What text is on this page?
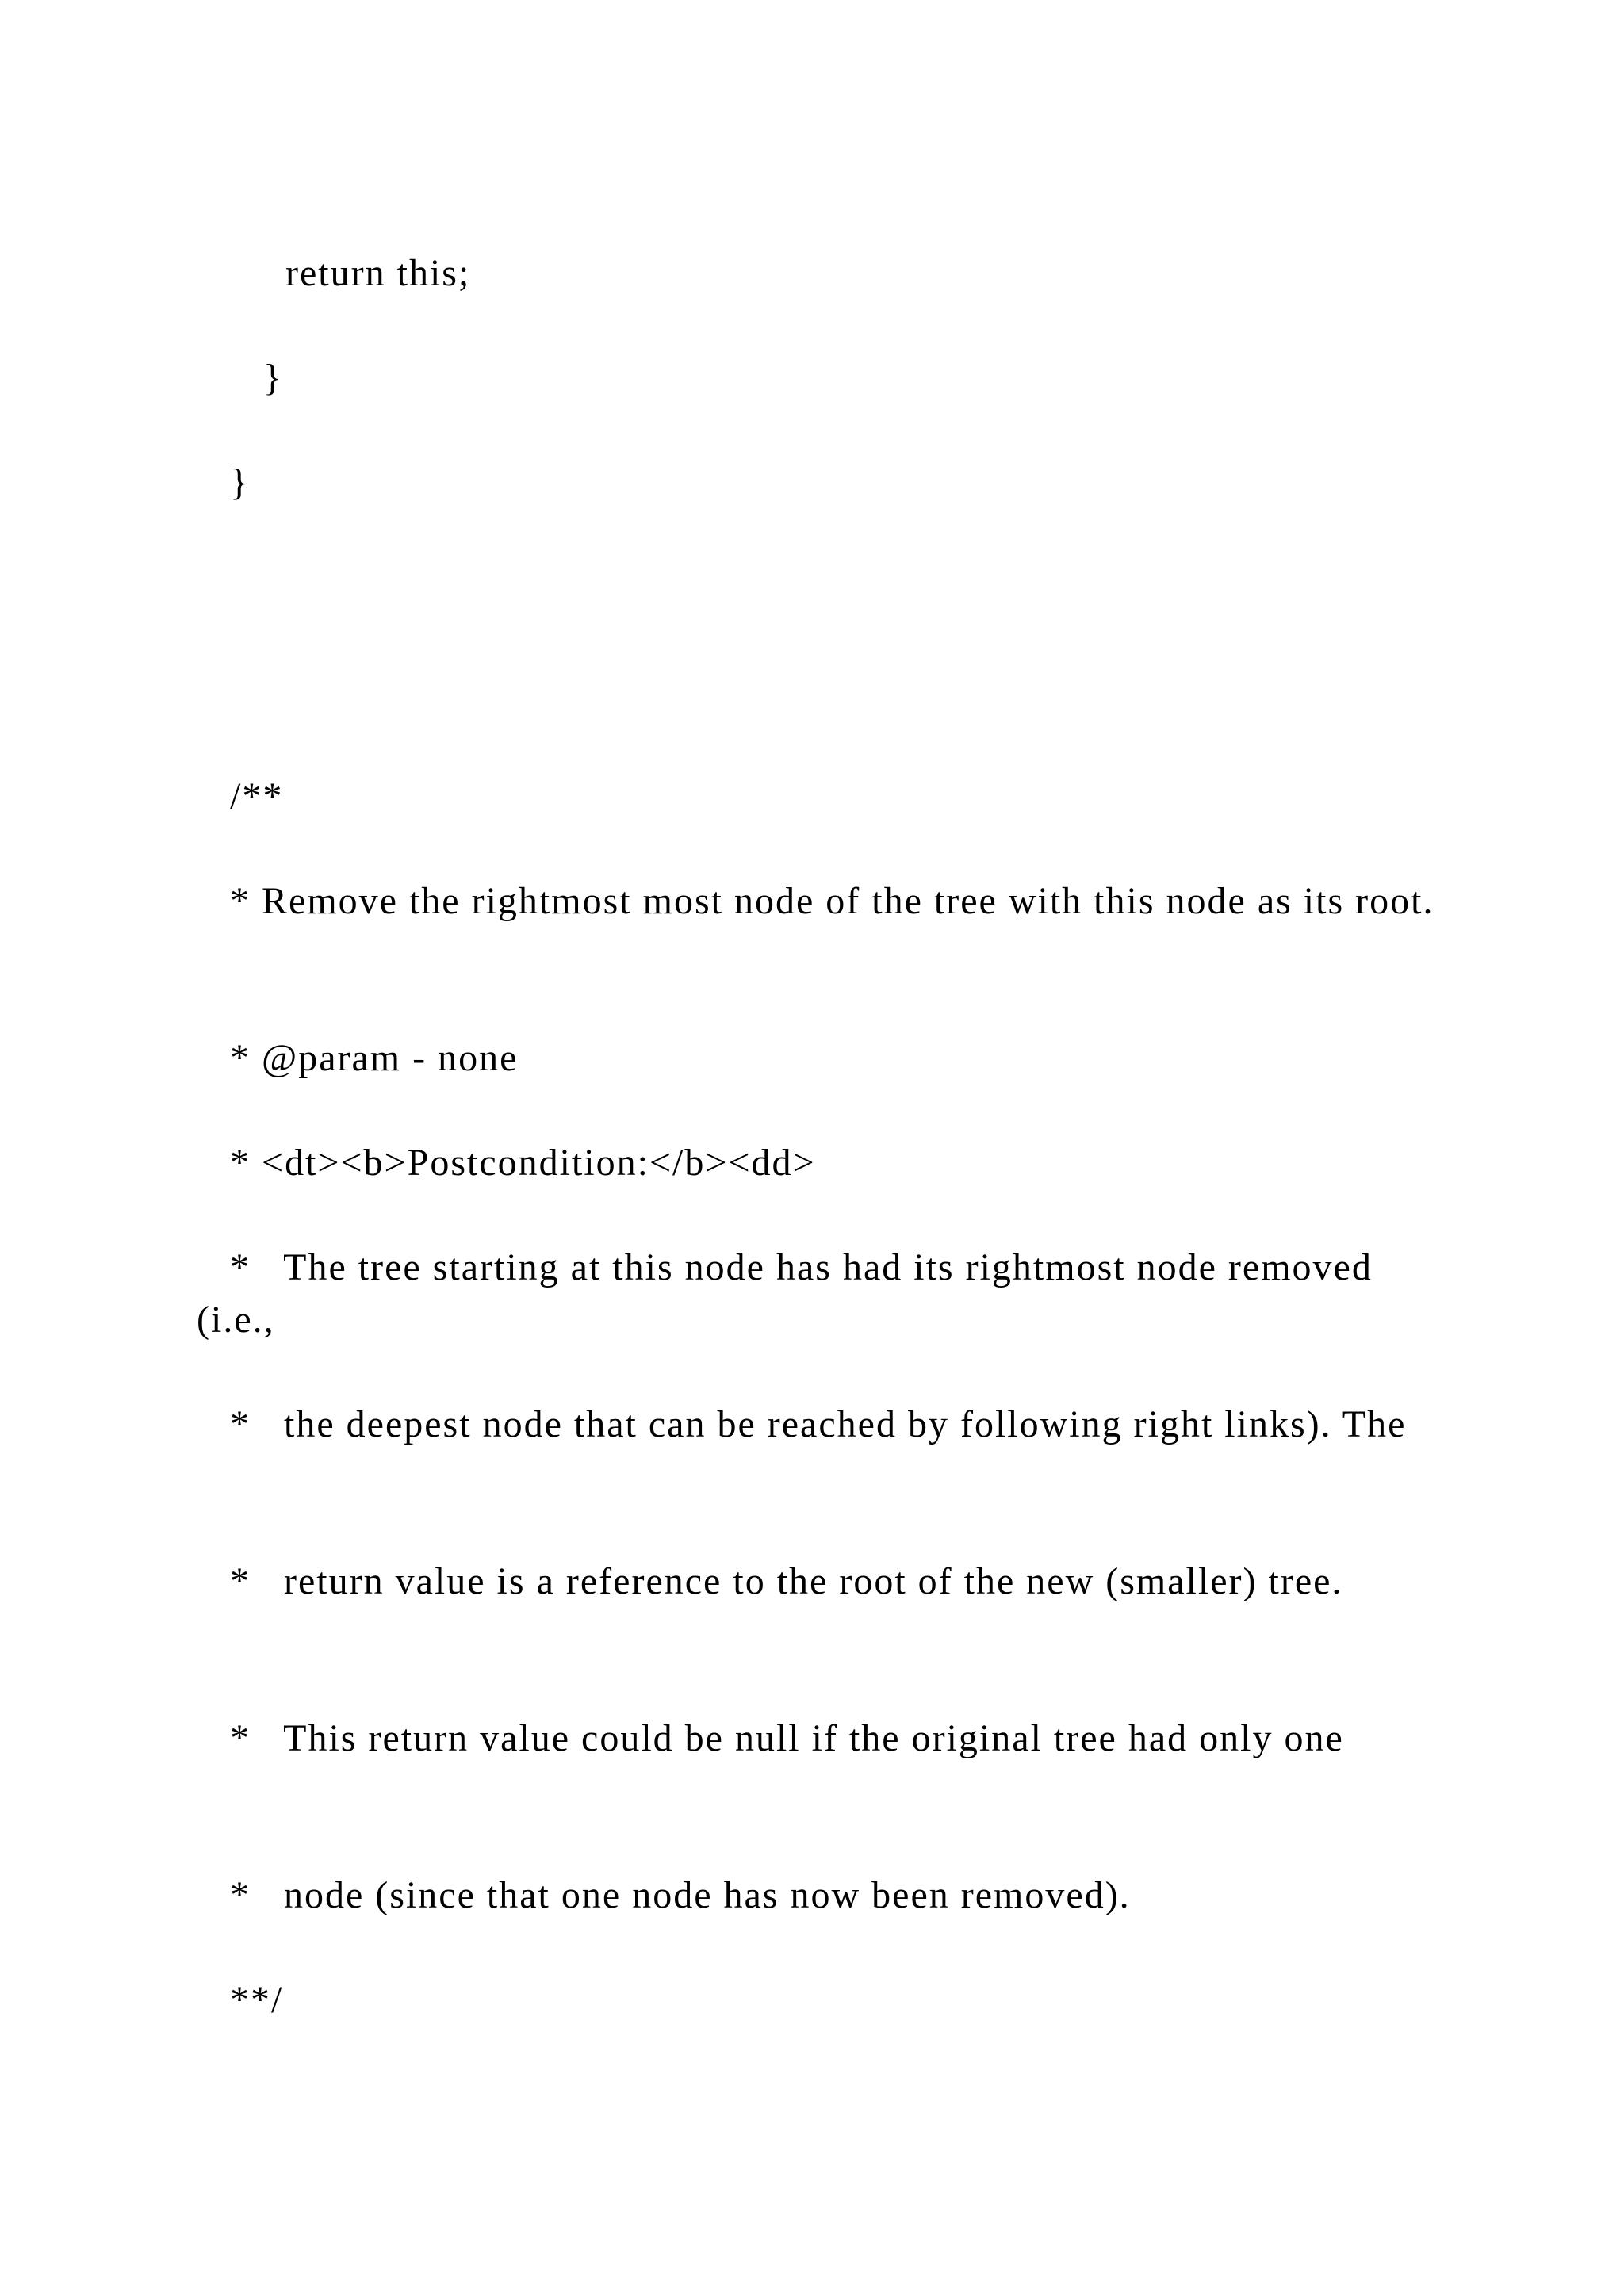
return this;

}

}

/**

* Remove the rightmost most node of the tree with this node as its root.

* @param - none

* <dt><b>Postcondition:</b><dd>

*   The tree starting at this node has had its rightmost node removed (i.e.,

*   the deepest node that can be reached by following right links). The

*   return value is a reference to the root of the new (smaller) tree.

*   This return value could be null if the original tree had only one

*   node (since that one node has now been removed).

**/
